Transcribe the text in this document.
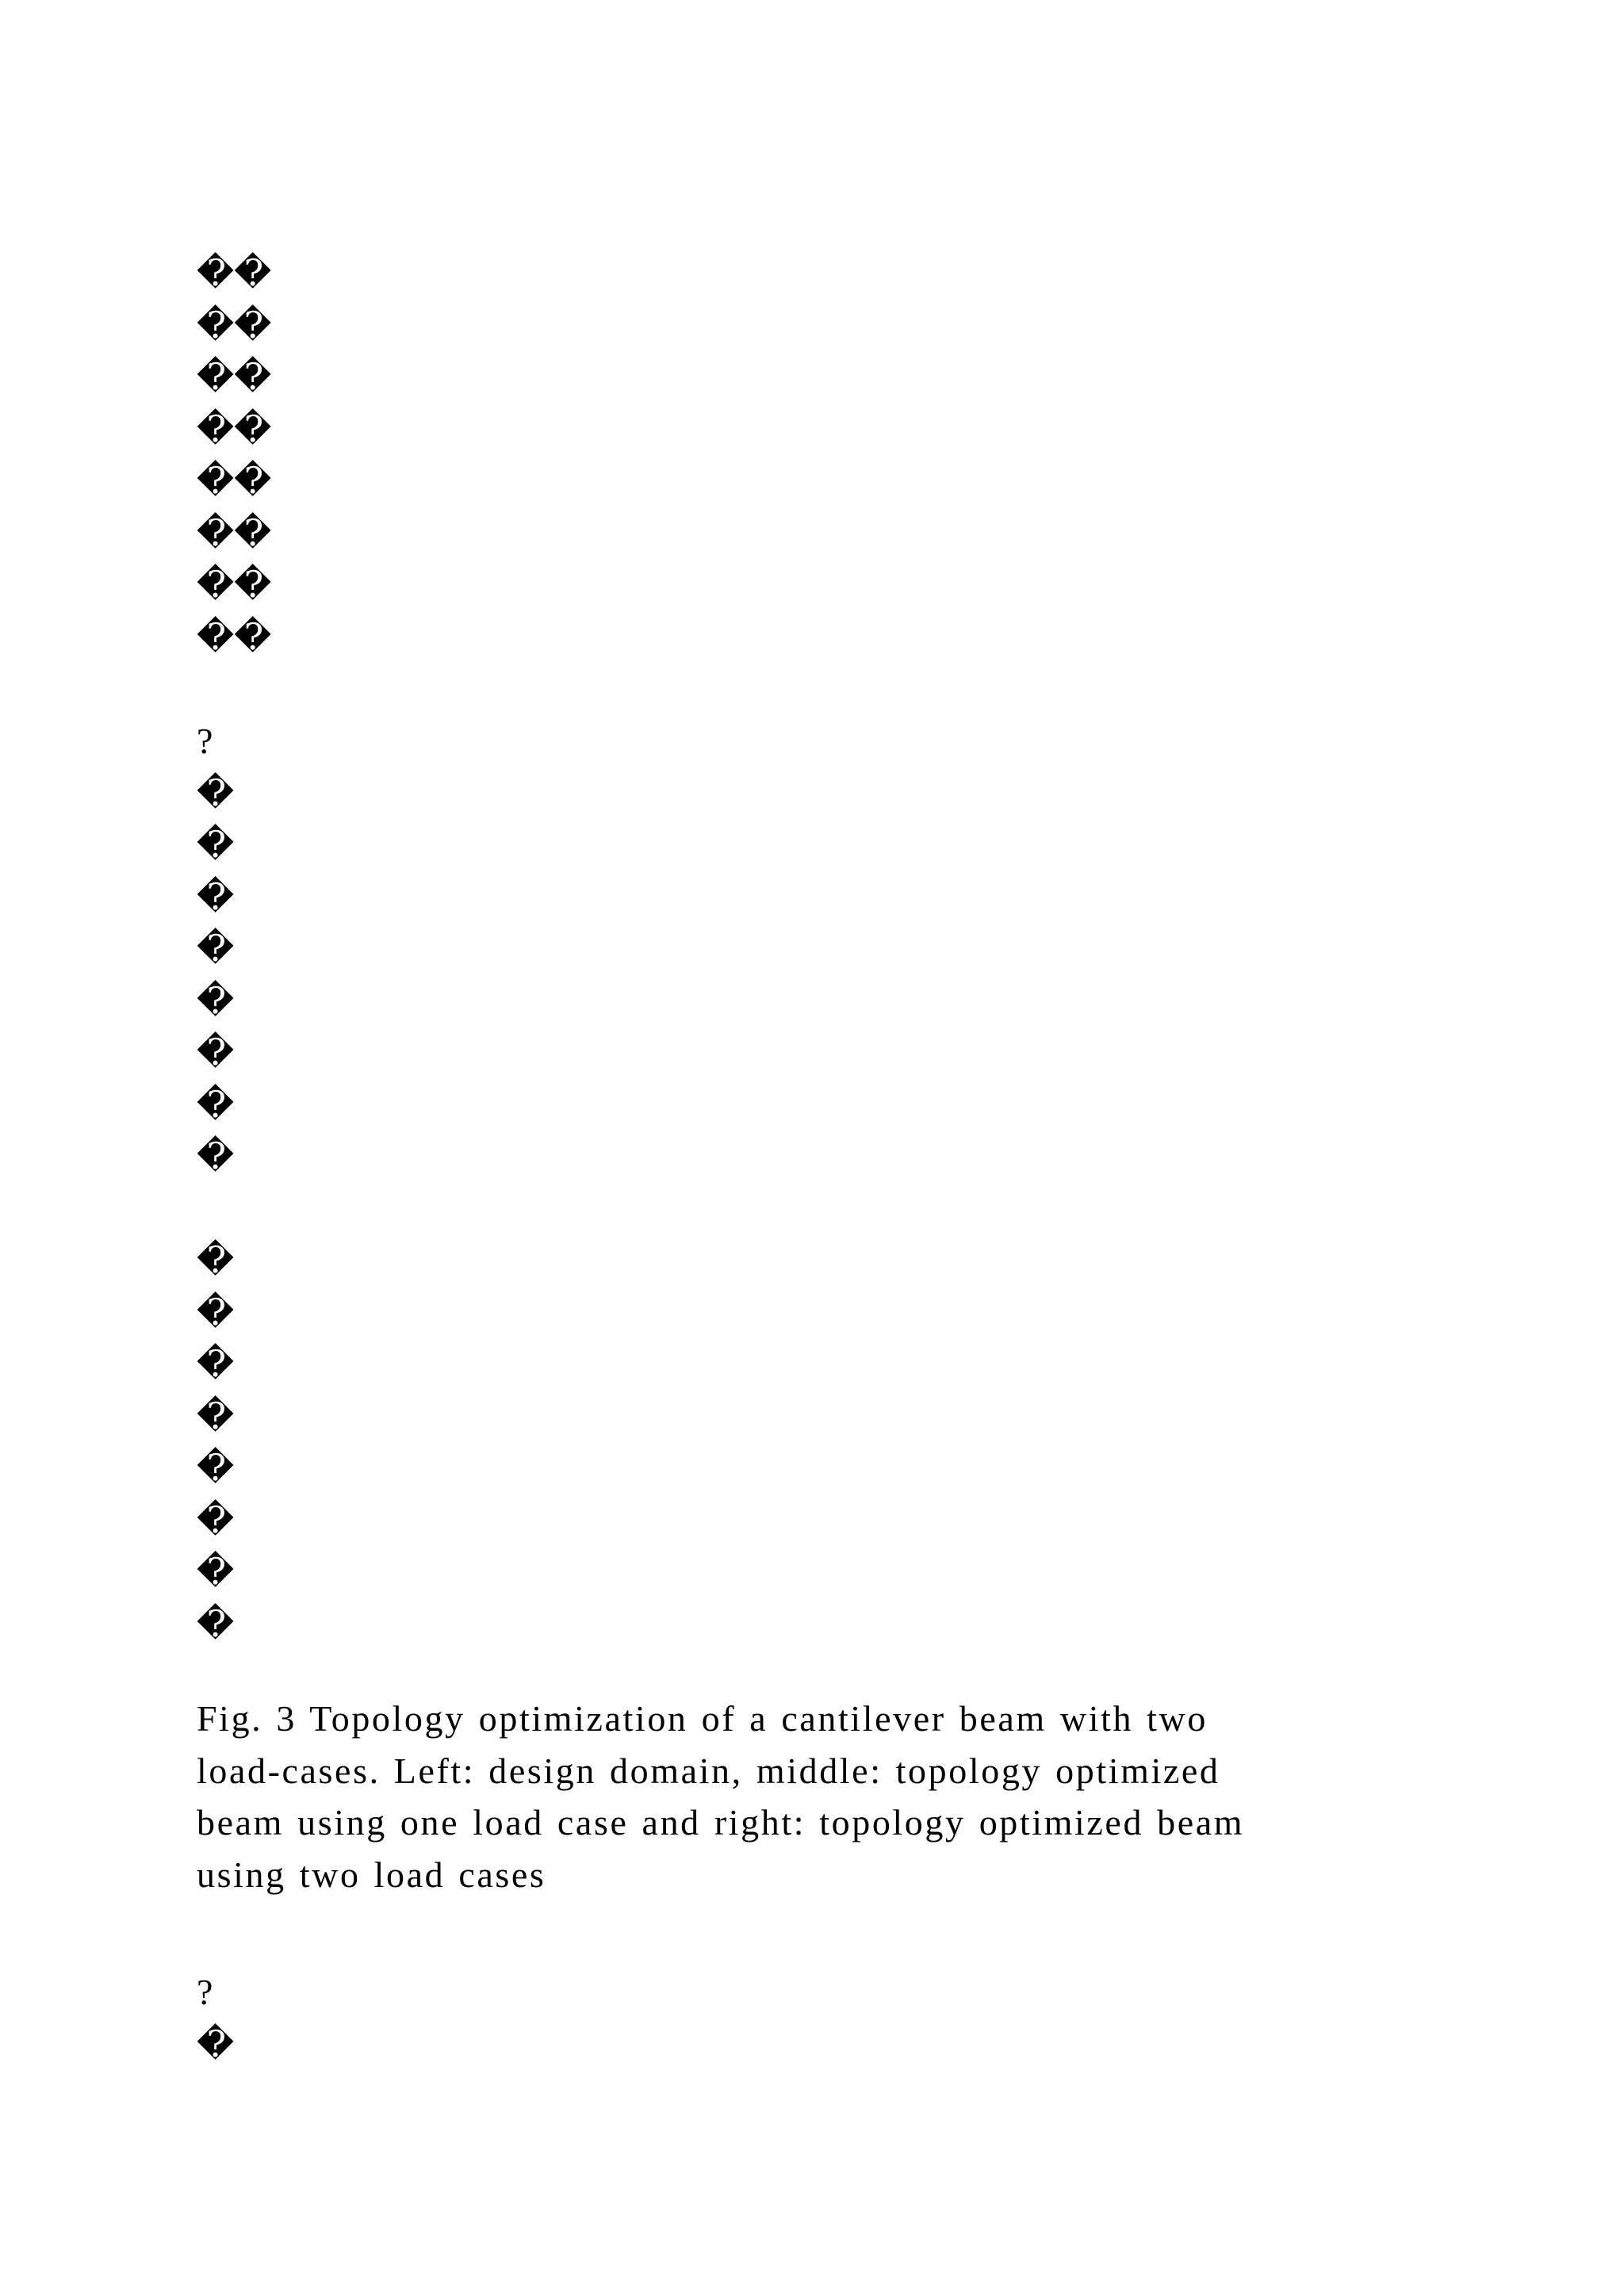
��
��
��
��
��
��
��
��
?
�
�
�
�
�
�
�
�
�
�
�
�
�
�
�
�
Fig. 3 Topology optimization of a cantilever beam with two
load-cases. Left: design domain, middle: topology optimized
beam using one load case and right: topology optimized beam
using two load cases
?
�
